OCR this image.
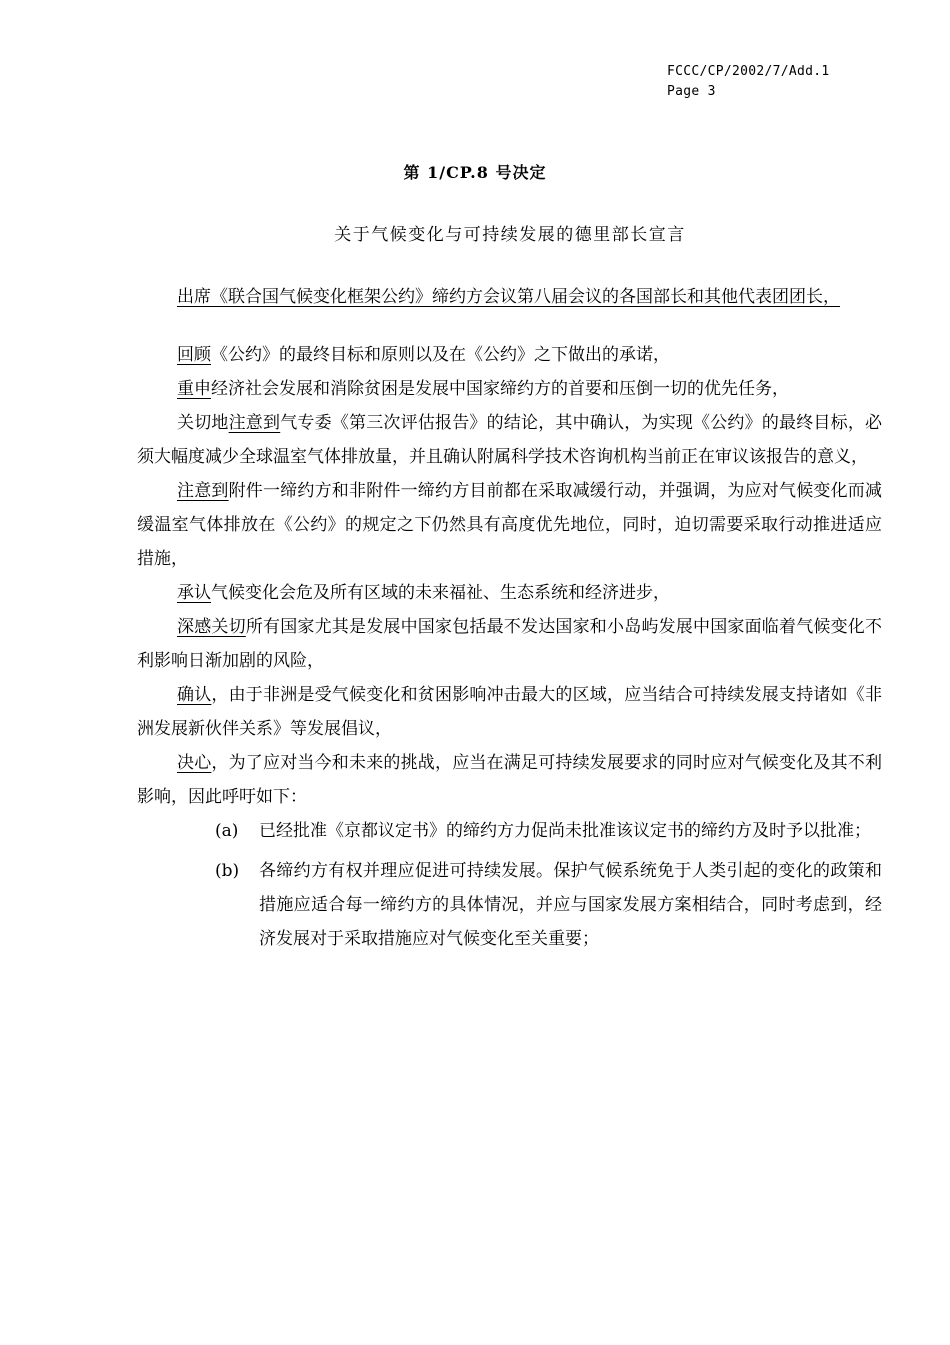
FCCC/CP/2002/7/Add.1
Page 3
第 1/CP.8 号决定
关于气候变化与可持续发展的德里部长宣言

出席《联合国气候变化框架公约》缔约方会议第八届会议的各国部长和其他代表团团长，

回顾《公约》的最终目标和原则以及在《公约》之下做出的承诺，

重申经济社会发展和消除贫困是发展中国家缔约方的首要和压倒一切的优先任务，

关切地注意到气专委《第三次评估报告》的结论，其中确认，为实现《公约》的最终目标，必须大幅度减少全球温室气体排放量，并且确认附属科学技术咨询机构当前正在审议该报告的意义，

注意到附件一缔约方和非附件一缔约方目前都在采取减缓行动，并强调，为应对气候变化而减缓温室气体排放在《公约》的规定之下仍然具有高度优先地位，同时，迫切需要采取行动推进适应措施，

承认气候变化会危及所有区域的未来福祉、生态系统和经济进步，

深感关切所有国家尤其是发展中国家包括最不发达国家和小岛屿发展中国家面临着气候变化不利影响日渐加剧的风险，

确认，由于非洲是受气候变化和贫困影响冲击最大的区域，应当结合可持续发展支持诸如《非洲发展新伙伴关系》等发展倡议，

决心，为了应对当今和未来的挑战，应当在满足可持续发展要求的同时应对气候变化及其不利影响，因此呼吁如下：

(a)	已经批准《京都议定书》的缔约方力促尚未批准该议定书的缔约方及时予以批准；
(b)	各缔约方有权并理应促进可持续发展。保护气候系统免于人类引起的变化的政策和措施应适合每一缔约方的具体情况，并应与国家发展方案相结合，同时考虑到，经济发展对于采取措施应对气候变化至关重要；
